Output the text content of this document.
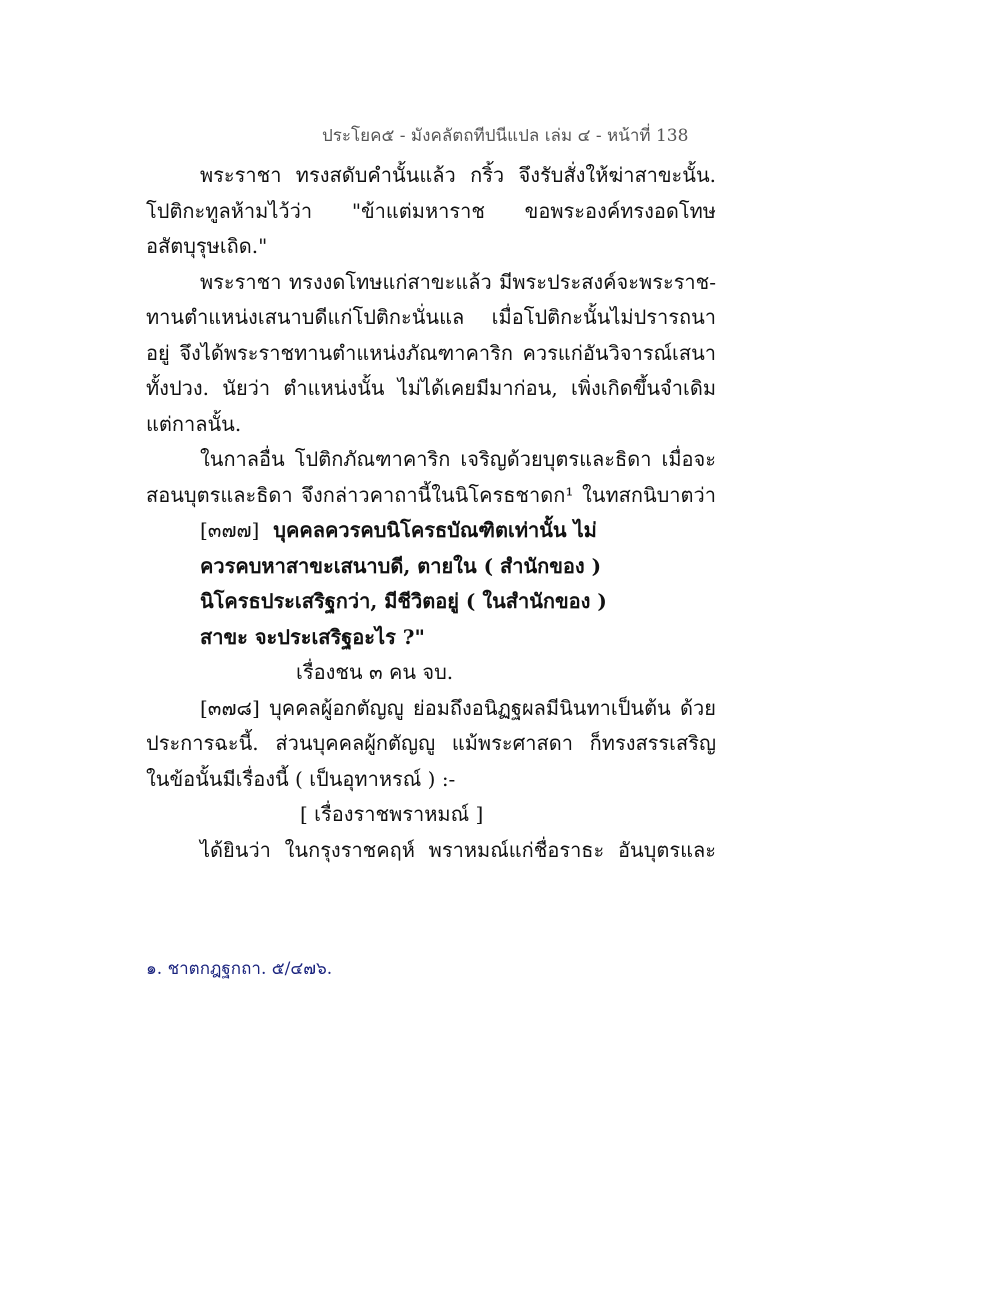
ประโยค๕ - มังคลัตถทีปนีแปล เล่ม ๔ - หน้าที่ 138
พระราชา ทรงสดับคำนั้นแล้ว กริ้ว จึงรับสั่งให้ฆ่าสาขะนั้น.
โปติกะทูลห้ามไว้ว่า "ข้าแต่มหาราช ขอพระองค์ทรงอดโทษ
อสัตบุรุษเถิด."
พระราชา ทรงงดโทษแก่สาขะแล้ว มีพระประสงค์จะพระราช-
ทานตำแหน่งเสนาบดีแก่โปติกะนั่นแล เมื่อโปติกะนั้นไม่ปรารถนา
อยู่ จึงได้พระราชทานตำแหน่งภัณฑาคาริก ควรแก่อันวิจารณ์เสนา
ทั้งปวง. นัยว่า ตำแหน่งนั้น ไม่ได้เคยมีมาก่อน, เพิ่งเกิดขึ้นจำเดิม
แต่กาลนั้น.
ในกาลอื่น โปติกภัณฑาคาริก เจริญด้วยบุตรและธิดา เมื่อจะ
สอนบุตรและธิดา จึงกล่าวคาถานี้ในนิโครธชาดก¹ ในทสกนิบาตว่า
[๓๗๗] บุคคลควรคบนิโครธบัณฑิตเท่านั้น ไม่
ควรคบหาสาขะเสนาบดี, ตายใน ( สำนักของ )
นิโครธประเสริฐกว่า, มีชีวิตอยู่ ( ในสำนักของ )
สาขะ จะประเสริฐอะไร ?"
เรื่องชน ๓ คน จบ.
[๓๗๘] บุคคลผู้อกตัญญู ย่อมถึงอนิฏฐผลมีนินทาเป็นต้น ด้วย
ประการฉะนี้. ส่วนบุคคลผู้กตัญญู แม้พระศาสดา ก็ทรงสรรเสริญ
ในข้อนั้นมีเรื่องนี้ ( เป็นอุทาหรณ์ ) :-
[ เรื่องราชพราหมณ์ ]
ได้ยินว่า ในกรุงราชคฤห์ พราหมณ์แก่ชื่อราธะ อันบุตรและ
๑. ชาตกฎฐกถา. ๕/๔๗๖.
